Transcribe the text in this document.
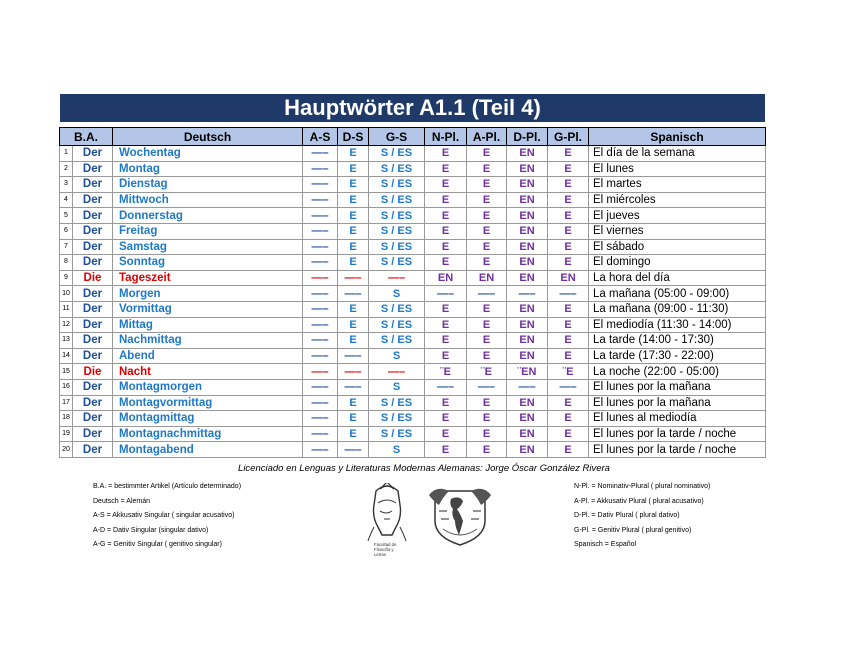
Hauptwörter A1.1 (Teil 4)
B.A.		Deutsch	A-S	D-S	G-S	N-Pl.	A-Pl.	D-Pl.	G-Pl.	Spanisch
1	Der	Wochentag	—–	E	S / ES	E	E	EN	E	El día de la semana
2	Der	Montag	—–	E	S / ES	E	E	EN	E	El lunes
3	Der	Dienstag	—–	E	S / ES	E	E	EN	E	El martes
4	Der	Mittwoch	—–	E	S / ES	E	E	EN	E	El miércoles
5	Der	Donnerstag	—–	E	S / ES	E	E	EN	E	El jueves
6	Der	Freitag	—–	E	S / ES	E	E	EN	E	El viernes
7	Der	Samstag	—–	E	S / ES	E	E	EN	E	El sábado
8	Der	Sonntag	—–	E	S / ES	E	E	EN	E	El domingo
9	Die	Tageszeit	—–	—–	—–	EN	EN	EN	EN	La hora del día
10	Der	Morgen	—–	—–	S	—–	—–	—–	—–	La mañana (05:00 - 09:00)
11	Der	Vormittag	—–	E	S / ES	E	E	EN	E	La mañana (09:00 - 11:30)
12	Der	Mittag	—–	E	S / ES	E	E	EN	E	El mediodía (11:30 - 14:00)
13	Der	Nachmittag	—–	E	S / ES	E	E	EN	E	La tarde (14:00 - 17:30)
14	Der	Abend	—–	—–	S	E	E	EN	E	La tarde (17:30 - 22:00)
15	Die	Nacht	—–	—–	—–	¨E	¨E	¨EN	¨E	La noche (22:00 - 05:00)
16	Der	Montagmorgen	—–	—–	S	—–	—–	—–	—–	El lunes por la mañana
17	Der	Montagvormittag	—–	E	S / ES	E	E	EN	E	El lunes por la mañana
18	Der	Montagmittag	—–	E	S / ES	E	E	EN	E	El lunes al mediodía
19	Der	Montagnachmittag	—–	E	S / ES	E	E	EN	E	El lunes por la tarde / noche
20	Der	Montagabend	—–	—–	S	E	E	EN	E	El lunes por la tarde / noche
Licenciado en Lenguas y Literaturas Modernas Alemanas: Jorge Óscar González Rivera
B.A. = bestimmter Artikel (Artículo determinado)
Deutsch = Alemán
A-S = Akkusativ Singular ( singular acusativo)
A-D = Dativ Singular (singular dativo)
A-G = Genitiv Singular ( genitivo singular)
N-Pl. = Nominativ-Plural ( plural nominativo)
A-Pl. = Akkusativ Plural ( plural acusativo)
D-Pl. = Dativ Plural ( plural dativo)
G-Pl. = Genitiv Plural ( plural genitivo)
Spanisch = Español
Facultad de
Filosofía y
Letras
